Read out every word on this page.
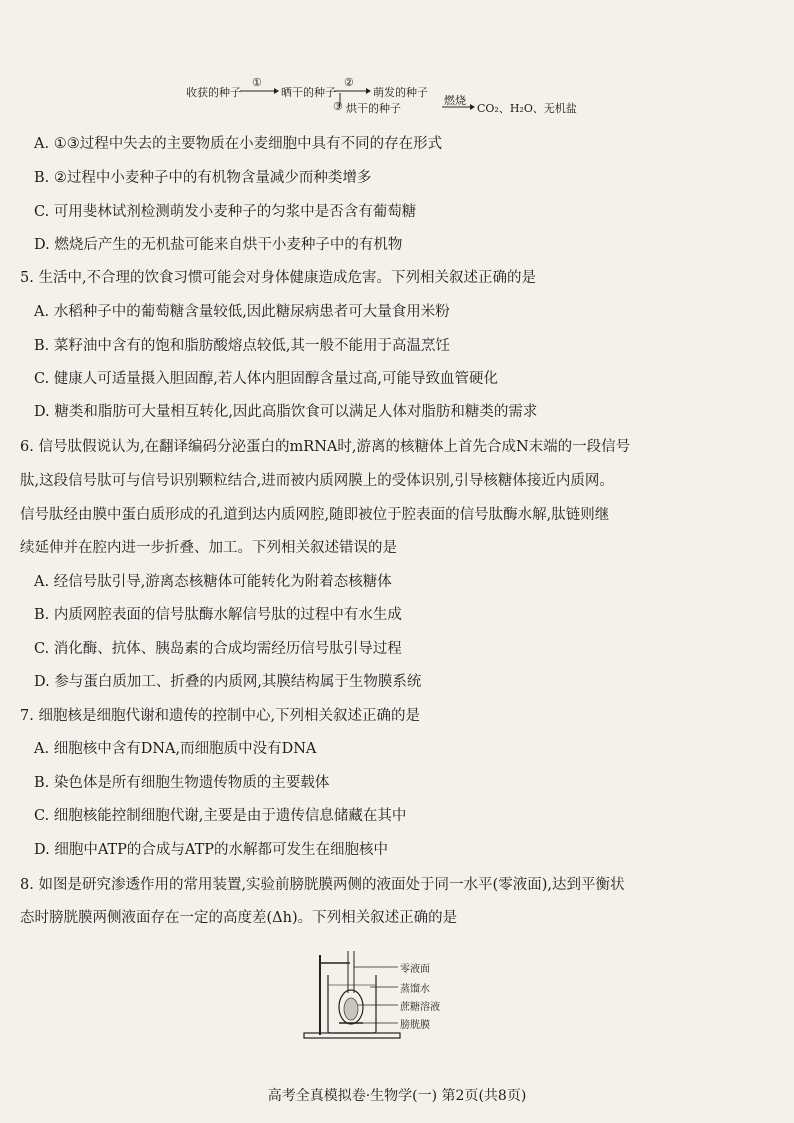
收获的种子
①
晒干的种子
②
萌发的种子
③ 烘干的种子
燃烧
CO₂、H₂O、无机盐
A. ①③过程中失去的主要物质在小麦细胞中具有不同的存在形式
B. ②过程中小麦种子中的有机物含量减少而种类增多
C. 可用斐林试剂检测萌发小麦种子的匀浆中是否含有葡萄糖
D. 燃烧后产生的无机盐可能来自烘干小麦种子中的有机物
5. 生活中,不合理的饮食习惯可能会对身体健康造成危害。下列相关叙述正确的是
A. 水稻种子中的葡萄糖含量较低,因此糖尿病患者可大量食用米粉
B. 菜籽油中含有的饱和脂肪酸熔点较低,其一般不能用于高温烹饪
C. 健康人可适量摄入胆固醇,若人体内胆固醇含量过高,可能导致血管硬化
D. 糖类和脂肪可大量相互转化,因此高脂饮食可以满足人体对脂肪和糖类的需求
6. 信号肽假说认为,在翻译编码分泌蛋白的mRNA时,游离的核糖体上首先合成N末端的一段信号
肽,这段信号肽可与信号识别颗粒结合,进而被内质网膜上的受体识别,引导核糖体接近内质网。
信号肽经由膜中蛋白质形成的孔道到达内质网腔,随即被位于腔表面的信号肽酶水解,肽链则继
续延伸并在腔内进一步折叠、加工。下列相关叙述错误的是
A. 经信号肽引导,游离态核糖体可能转化为附着态核糖体
B. 内质网腔表面的信号肽酶水解信号肽的过程中有水生成
C. 消化酶、抗体、胰岛素的合成均需经历信号肽引导过程
D. 参与蛋白质加工、折叠的内质网,其膜结构属于生物膜系统
7. 细胞核是细胞代谢和遗传的控制中心,下列相关叙述正确的是
A. 细胞核中含有DNA,而细胞质中没有DNA
B. 染色体是所有细胞生物遗传物质的主要载体
C. 细胞核能控制细胞代谢,主要是由于遗传信息储藏在其中
D. 细胞中ATP的合成与ATP的水解都可发生在细胞核中
8. 如图是研究渗透作用的常用装置,实验前膀胱膜两侧的液面处于同一水平(零液面),达到平衡状
态时膀胱膜两侧液面存在一定的高度差(Δh)。下列相关叙述正确的是
零液面
蒸馏水
蔗糖溶液
膀胱膜
高考全真模拟卷·生物学(一) 第2页(共8页)
